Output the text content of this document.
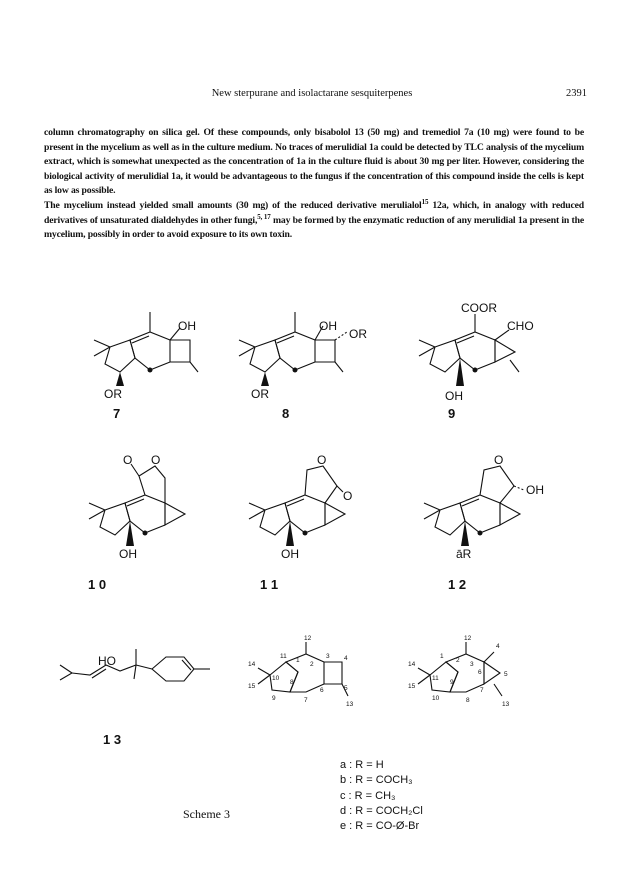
New sterpurane and isolactarane sesquiterpenes	2391

column chromatography on silica gel. Of these compounds, only bisabolol 13 (50 mg) and tremediol 7a (10 mg) were found to be present in the mycelium as well as in the culture medium. No traces of merulidial 1a could be detected by TLC analysis of the mycelium extract, which is somewhat unexpected as the concentration of 1a in the culture fluid is about 30 mg per liter. However, considering the biological activity of merulidial 1a, it would be advantageous to the fungus if the concentration of this compound inside the cells is kept as low as possible.

The mycelium instead yielded small amounts (30 mg) of the reduced derivative merulialol$^{15}$ 12a, which, in analogy with reduced derivatives of unsaturated dialdehydes in other fungi,$^{5, 17}$ may be formed by the enzymatic reduction of any merulidial 1a present in the mycelium, possibly in order to avoid exposure to its own toxin.

OH
OR
7
OH
OR
OR
8
COOR
CHO
OH
9
O O
OH
1 0
O
O
OH
1 1
O
OH
āR
1 2
HO
1 3
12
11
1
2
3 4
14
10
15
9
8
7
6	5
13
12
1
2
3
4
14
11
6	5
15
10
9
7
8
13
a : R = H
b : R = COCH₃
c : R = CH₃
d : R = COCH₂Cl
e : R = CO-Ø-Br
Scheme 3
